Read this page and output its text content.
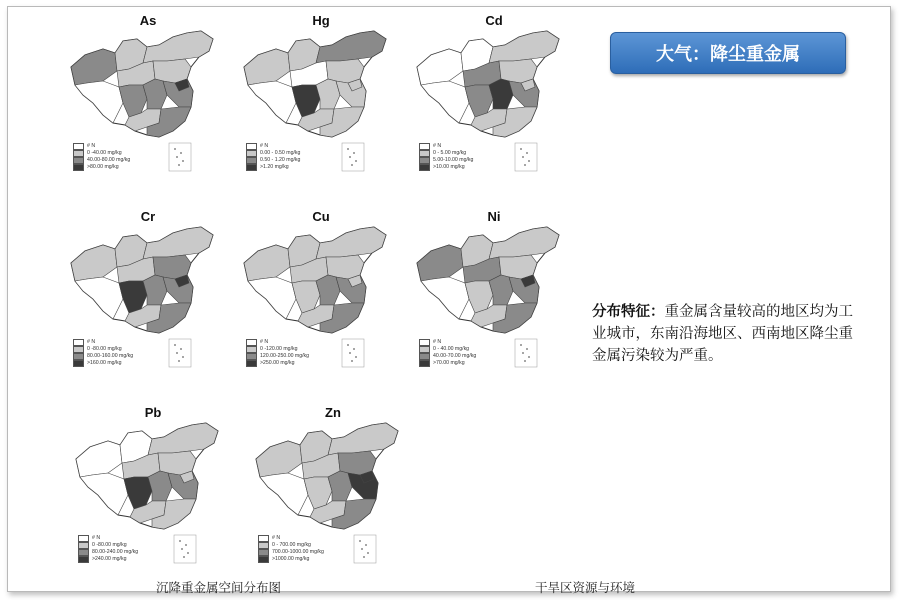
As
# N
0 -40.00 mg/kg
40.00-80.00 mg/kg
>80.00 mg/kg
Hg
# N
0.00 - 0.50 mg/kg
0.50 - 1.20 mg/kg
>1.20 mg/kg
Cd
# N
0 - 5.00 mg/kg
5.00-10.00 mg/kg
>10.00 mg/kg
Cr
# N
0 -80.00 mg/kg
80.00-160.00 mg/kg
>160.00 mg/kg
Cu
# N
0 -120.00 mg/kg
120.00-250.00 mg/kg
>250.00 mg/kg
Ni
# N
0 - 40.00 mg/kg
40.00-70.00 mg/kg
>70.00 mg/kg
Pb
# N
0 -80.00 mg/kg
80.00-240.00 mg/kg
>240.00 mg/kg
Zn
# N
0 - 700.00 mg/kg
700.00-1000.00 mg/kg
>1000.00 mg/kg
大气：降尘重金属
分布特征：重金属含量较高的地区均为工业城市，东南沿海地区、西南地区降尘重金属污染较为严重。
沉降重金属空间分布图	干旱区资源与环境
